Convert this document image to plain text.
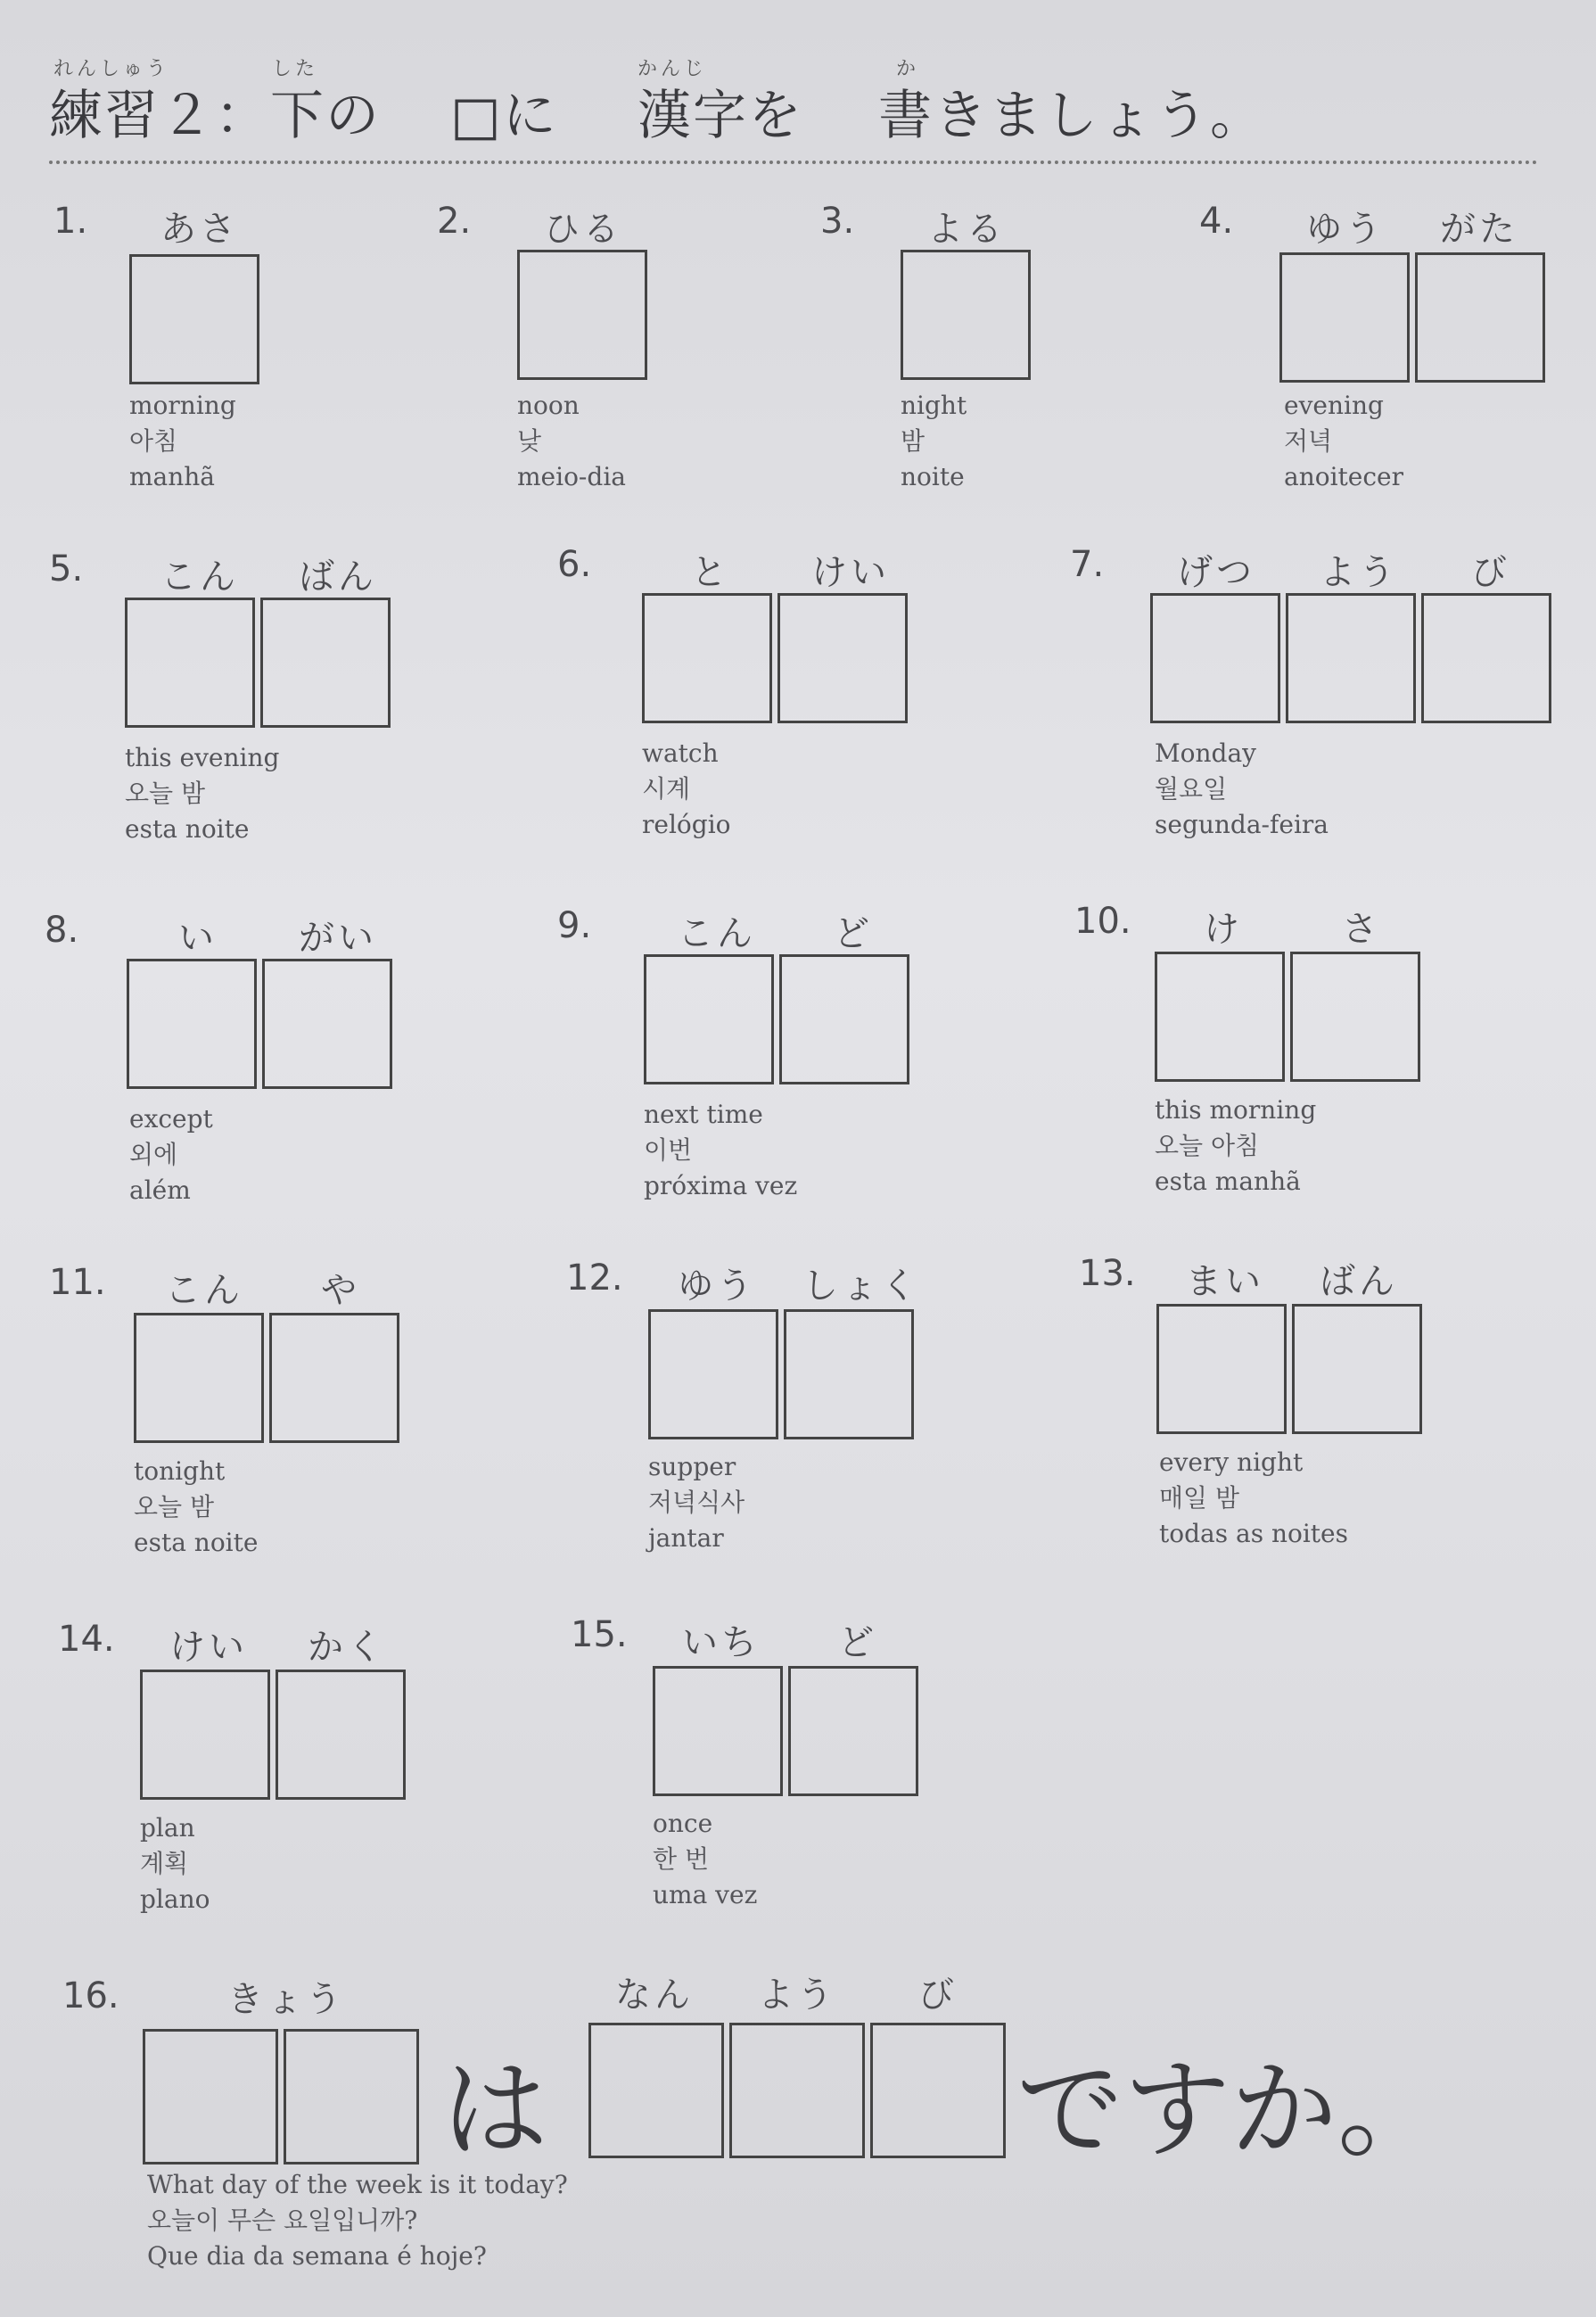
れんしゅう	した	かんじ	か
練習２：下の □に 漢字を 書きましょう。
1. あさ
morning
아침
manhã
2. ひる
noon
낮
meio-dia
3. よる
night
밤
noite
4. ゆう がた
evening
저녁
anoitecer
5. こん ばん
this evening
오늘 밤
esta noite
6.	と けい
watch
시계
relógio
7. げつ よう び
Monday
월요일
segunda-feira
8.	い がい
except
외에
além
9. こん ど
next time
이번
próxima vez
10. け	さ
this morning
오늘 아침
esta manhã
11. こん や
tonight
오늘 밤
esta noite
12. ゆう しょく
supper
저녁식사
jantar
13. まい ばん
every night
매일 밤
todas as noites
14. けい かく
plan
계획
plano
15. いち ど
once
한 번
uma vez
16.	きょう	なん よう び
は	ですか。
What day of the week is it today?
오늘이 무슨 요일입니까?
Que dia da semana é hoje?
